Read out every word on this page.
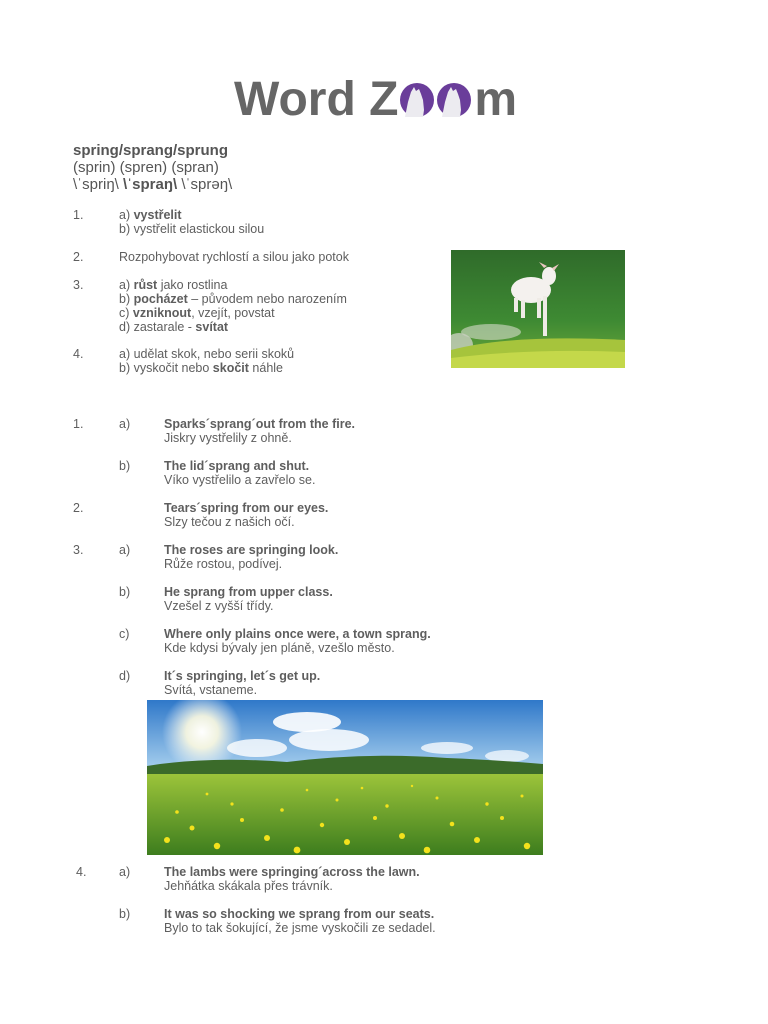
Word Z m
spring/sprang/sprung
(sprin) (spren) (spran)
\ˈspriŋ\ \ˈspraŋ\ \ˈsprəŋ\
1.	a) vystřelit
b) vystřelit elastickou silou
2.	Rozpohybovat rychlostí a silou jako potok
3.	a) růst jako rostlina
b) pocházet – původem nebo narozením
c) vzniknout, vzejít, povstat
d) zastarale - svítat
4.	a) udělat skok, nebo serii skoků
b) vyskočit nebo skočit náhle
1.	a)	Sparks´sprang´out from the fire.
Jiskry vystřelily z ohně.
b)	The lid´sprang and shut.
Víko vystřelilo a zavřelo se.
2.	Tears´spring from our eyes.
Slzy tečou z našich očí.
3.	a)	The roses are springing look.
Růže rostou, podívej.
b)	He sprang from upper class.
Vzešel z vyšší třídy.
c)	Where only plains once were, a town sprang.
Kde kdysi bývaly jen pláně, vzešlo město.
d)	It´s springing, let´s get up.
Svítá, vstaneme.
4.	a)	The lambs were springing´across the lawn.
Jehňátka skákala přes trávník.
b)	It was so shocking we sprang from our seats.
Bylo to tak šokující, že jsme vyskočili ze sedadel.
